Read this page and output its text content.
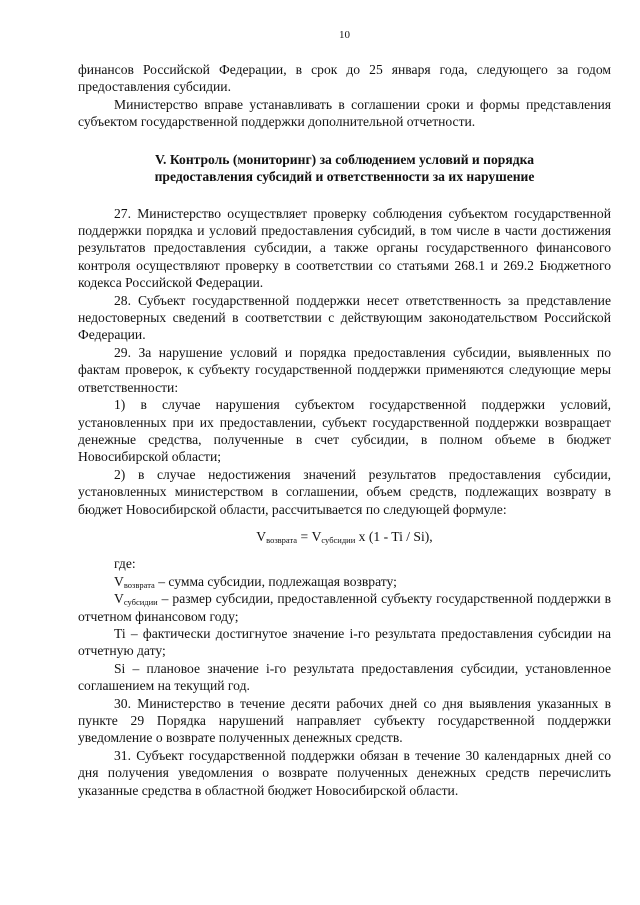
10

финансов Российской Федерации, в срок до 25 января года, следующего за годом предоставления субсидии.

Министерство вправе устанавливать в соглашении сроки и формы представления субъектом государственной поддержки дополнительной отчетности.

V. Контроль (мониторинг) за соблюдением условий и порядка
предоставления субсидий и ответственности за их нарушение

27. Министерство осуществляет проверку соблюдения субъектом государственной поддержки порядка и условий предоставления субсидий, в том числе в части достижения результатов предоставления субсидии, а также органы государственного финансового контроля осуществляют проверку в соответствии со статьями 268.1 и 269.2 Бюджетного кодекса Российской Федерации.

28. Субъект государственной поддержки несет ответственность за представление недостоверных сведений в соответствии с действующим законодательством Российской Федерации.

29. За нарушение условий и порядка предоставления субсидии, выявленных по фактам проверок, к субъекту государственной поддержки применяются следующие меры ответственности:

1) в случае нарушения субъектом государственной поддержки условий, установленных при их предоставлении, субъект государственной поддержки возвращает денежные средства, полученные в счет субсидии, в полном объеме в бюджет Новосибирской области;

2) в случае недостижения значений результатов предоставления субсидии, установленных министерством в соглашении, объем средств, подлежащих возврату в бюджет Новосибирской области, рассчитывается по следующей формуле:

$V_{возврата} = V_{субсидии}$ x (1 - Ti / Si),

где:

$V_{возврата}$ – сумма субсидии, подлежащая возврату;

$V_{субсидии}$ – размер субсидии, предоставленной субъекту государственной поддержки в отчетном финансовом году;

Ti – фактически достигнутое значение i-го результата предоставления субсидии на отчетную дату;

Si – плановое значение i-го результата предоставления субсидии, установленное соглашением на текущий год.

30. Министерство в течение десяти рабочих дней со дня выявления указанных в пункте 29 Порядка нарушений направляет субъекту государственной поддержки уведомление о возврате полученных денежных средств.

31. Субъект государственной поддержки обязан в течение 30 календарных дней со дня получения уведомления о возврате полученных денежных средств перечислить указанные средства в областной бюджет Новосибирской области.
